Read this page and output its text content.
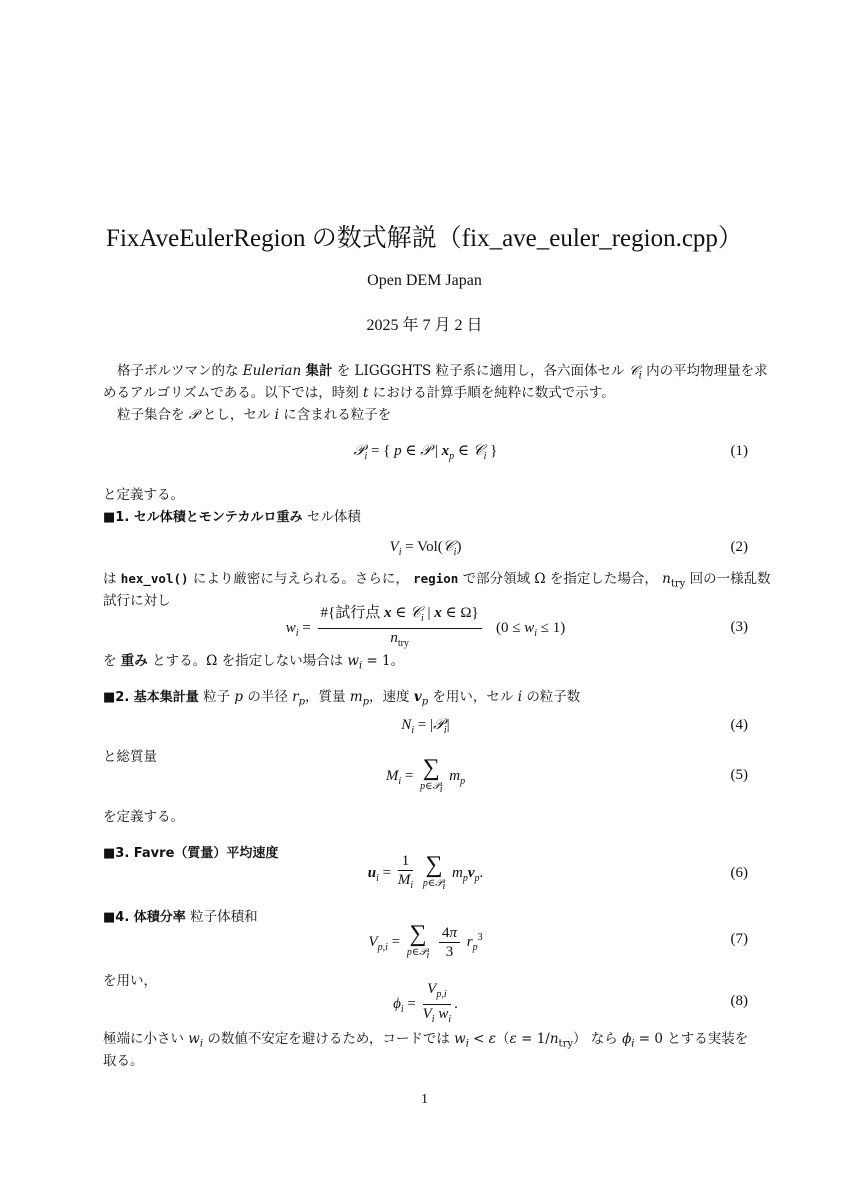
FixAveEulerRegion の数式解説（fix_ave_euler_region.cpp）
Open DEM Japan
2025 年 7 月 2 日
格子ボルツマン的な Eulerian 集計 を LIGGGHTS 粒子系に適用し，各六面体セル 𝒞$_i$ 内の平均物理量を求
めるアルゴリズムである。以下では，時刻 t における計算手順を純粋に数式で示す。
粒子集合を 𝒫 とし，セル i に含まれる粒子を
𝒫$_i$ = { p ∈ 𝒫 | $x_p$ ∈ 𝒞$_i$ }	(1)
と定義する。
■1. セル体積とモンテカルロ重み セル体積
$V_i$ = Vol(𝒞$_i$)	(2)
は hex_vol() により厳密に与えられる。さらに， region で部分領域 Ω を指定した場合， $n_{try}$ 回の一様乱数
試行に対し
$w_i = \frac{\#\{試行点 x \in 𝒞_i | x \in \Omega\}}{n_{try}} (0 \le w_i \le 1)$	(3)
を 重み とする。Ω を指定しない場合は $w_i = 1$。
■2. 基本集計量 粒子 p の半径 $r_p$，質量 $m_p$，速度 $v_p$ を用い，セル i の粒子数
$N_i$ = |𝒫$_i$|	(4)
と総質量
$M_i$ = ∑
p∈𝒫$_i$
$m_p$	(5)
を定義する。
■3. Favre（質量）平均速度
$u_i = \frac{1}{M_i}$
∑
p∈𝒫$_i$
$m_pv_p$.	(6)
■4. 体積分率 粒子体積和
$V_{p,i}$ = ∑
p∈𝒫$_i$
$\frac{4\pi}{3} r_p^3$	(7)
を用い，
$\phi_i = \frac{V_{p,i}}{V_i w_i}$ .	(8)
極端に小さい $w_i$ の数値不安定を避けるため，コードでは $w_i < \varepsilon(\varepsilon = 1/n_{try})$ なら $\phi_i = 0$ とする実装を
取る。
1
